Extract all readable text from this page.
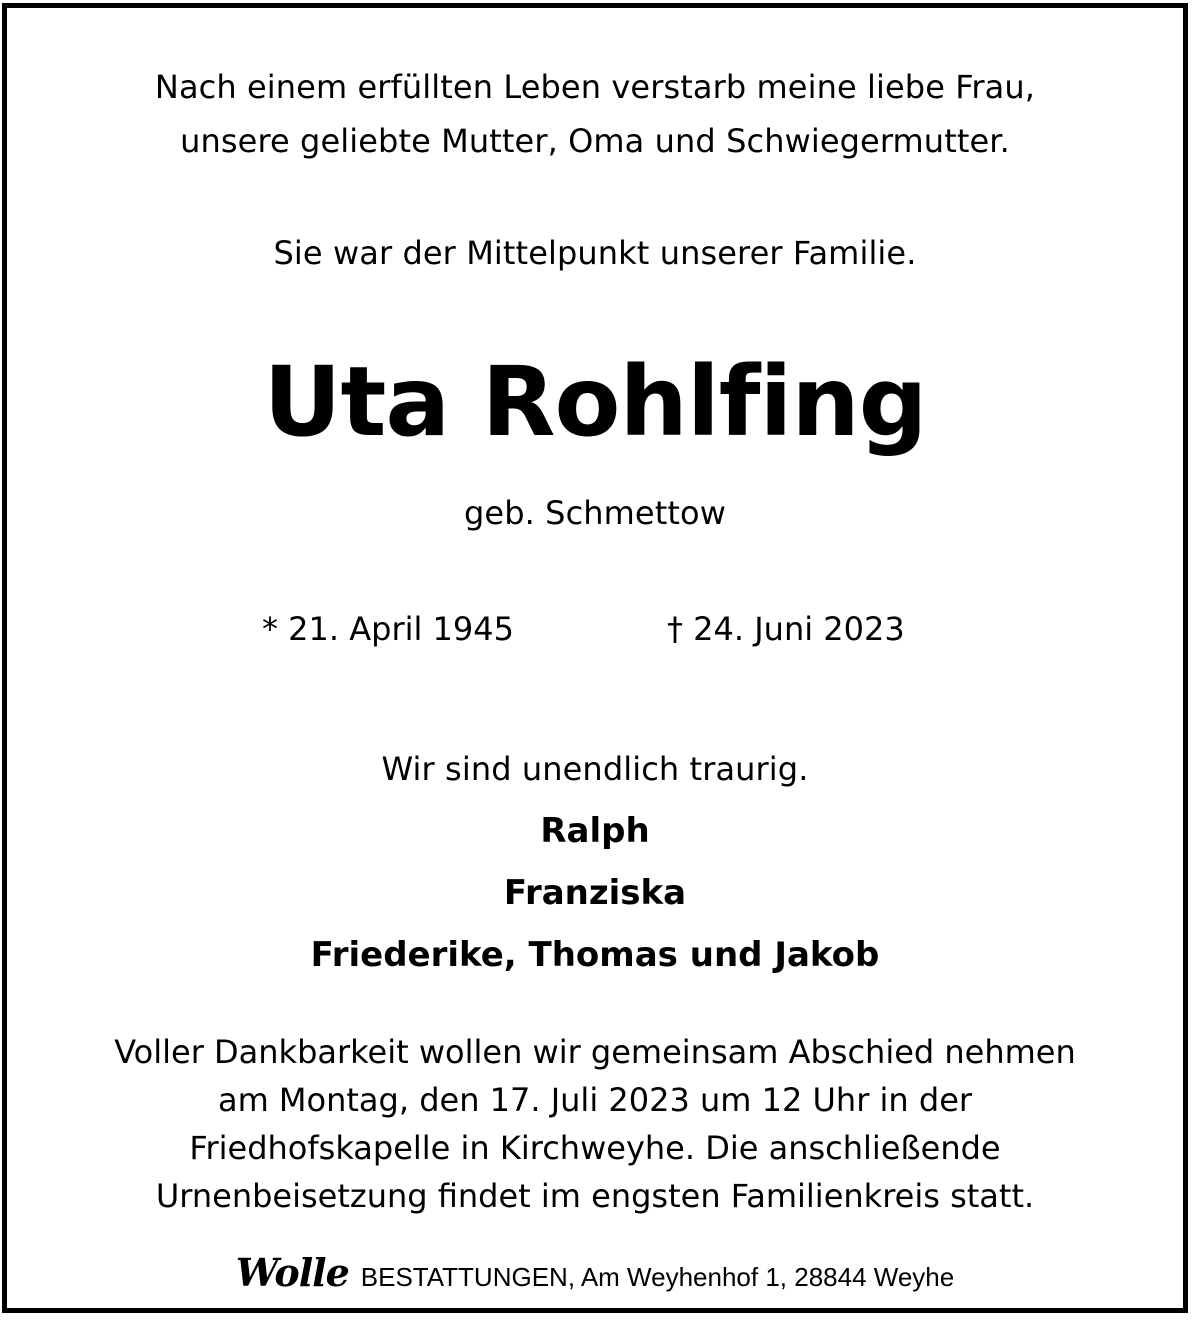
Nach einem erfüllten Leben verstarb meine liebe Frau,
unsere geliebte Mutter, Oma und Schwiegermutter.
Sie war der Mittelpunkt unserer Familie.
Uta Rohlfing
geb. Schmettow
* 21. April 1945	† 24. Juni 2023
Wir sind unendlich traurig.
Ralph
Franziska
Friederike, Thomas und Jakob
Voller Dankbarkeit wollen wir gemeinsam Abschied nehmen
am Montag, den 17. Juli 2023 um 12 Uhr in der
Friedhofskapelle in Kirchweyhe. Die anschließende
Urnenbeisetzung findet im engsten Familienkreis statt.
Wolle BESTATTUNGEN, Am Weyhenhof 1, 28844 Weyhe
